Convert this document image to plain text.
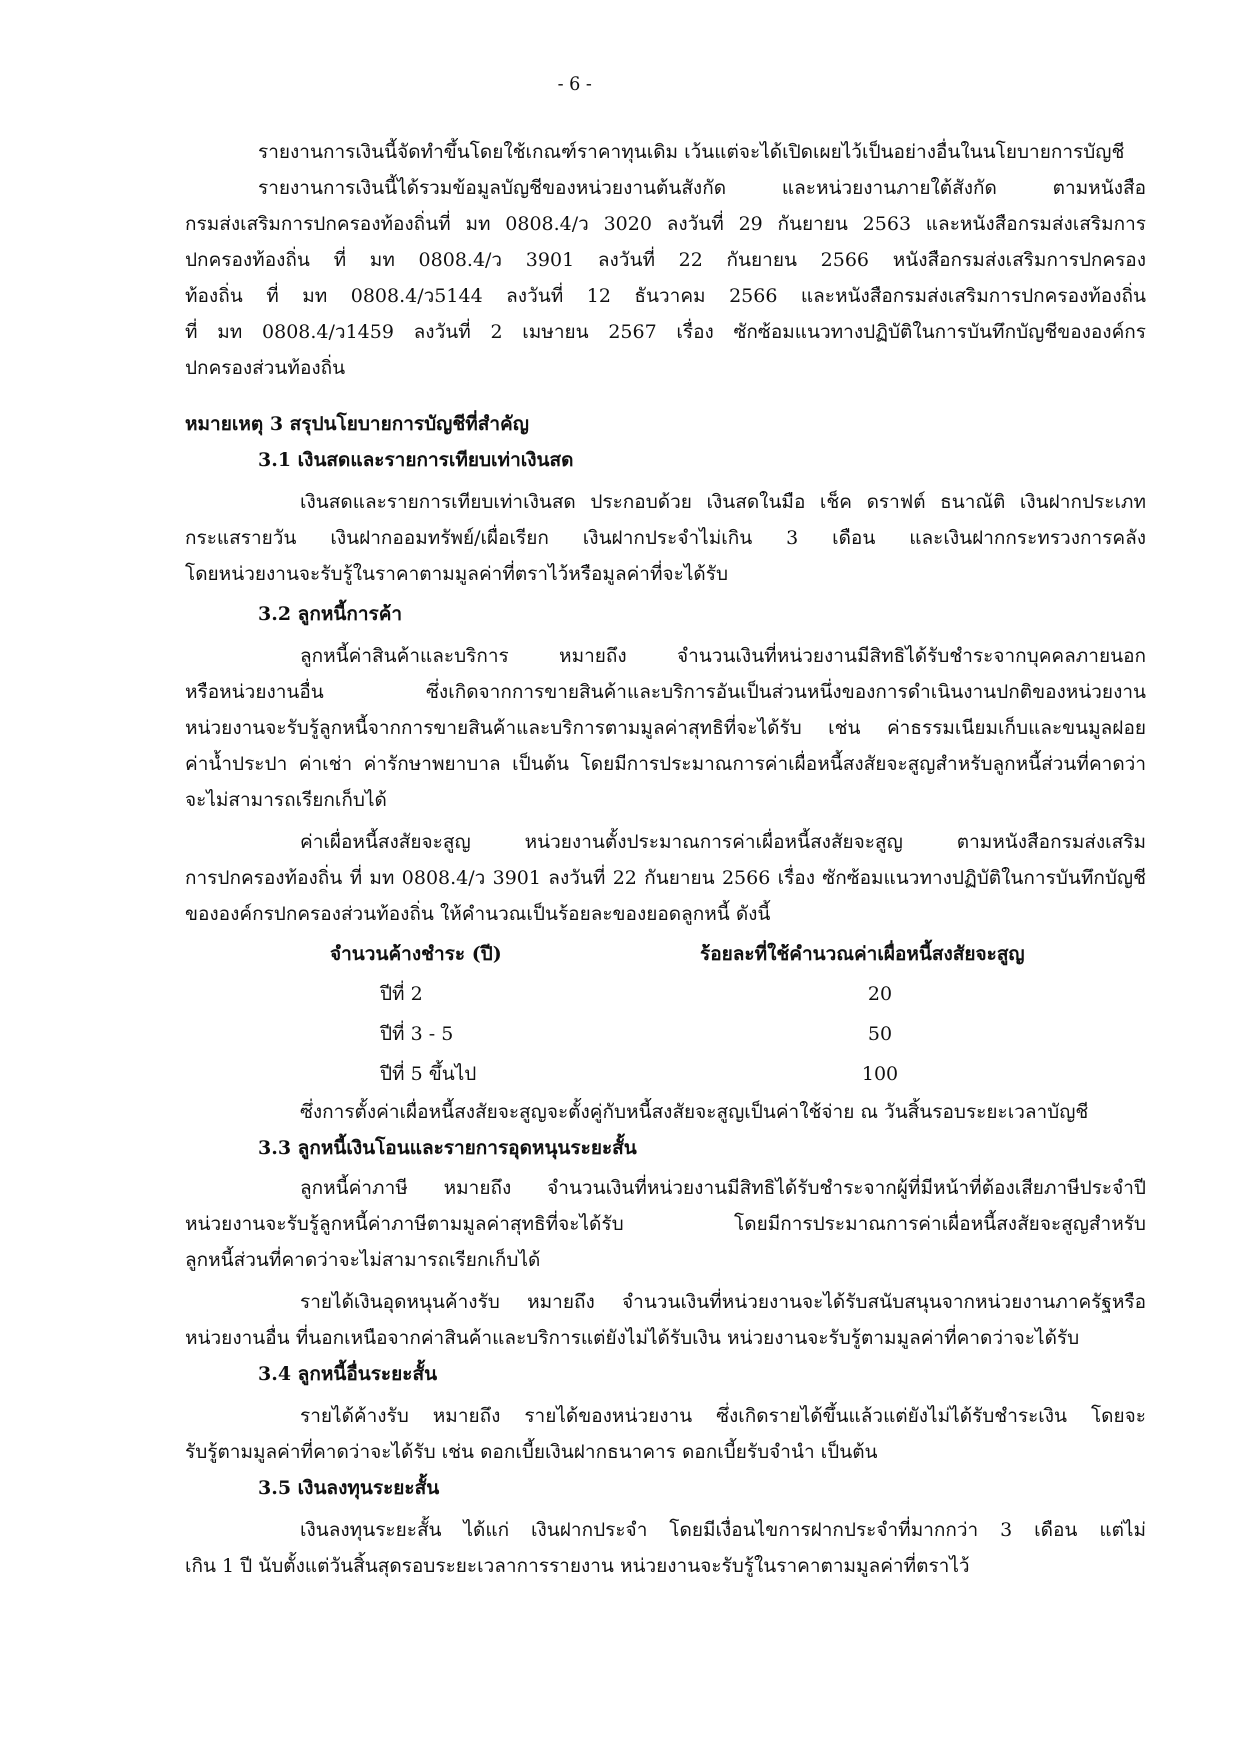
- 6 -
รายงานการเงินนี้จัดทำขึ้นโดยใช้เกณฑ์ราคาทุนเดิม เว้นแต่จะได้เปิดเผยไว้เป็นอย่างอื่นในนโยบายการบัญชี
รายงานการเงินนี้ได้รวมข้อมูลบัญชีของหน่วยงานต้นสังกัด และหน่วยงานภายใต้สังกัด ตามหนังสือ
กรมส่งเสริมการปกครองท้องถิ่นที่ มท 0808.4/ว 3020 ลงวันที่ 29 กันยายน 2563 และหนังสือกรมส่งเสริมการ
ปกครองท้องถิ่น ที่ มท 0808.4/ว 3901 ลงวันที่ 22 กันยายน 2566 หนังสือกรมส่งเสริมการปกครอง
ท้องถิ่น ที่ มท 0808.4/ว5144 ลงวันที่ 12 ธันวาคม 2566 และหนังสือกรมส่งเสริมการปกครองท้องถิ่น
ที่ มท 0808.4/ว1459 ลงวันที่ 2 เมษายน 2567 เรื่อง ซักซ้อมแนวทางปฏิบัติในการบันทึกบัญชีขององค์กร
ปกครองส่วนท้องถิ่น
หมายเหตุ 3 สรุปนโยบายการบัญชีที่สำคัญ
3.1 เงินสดและรายการเทียบเท่าเงินสด
เงินสดและรายการเทียบเท่าเงินสด ประกอบด้วย เงินสดในมือ เช็ค ดราฟต์ ธนาณัติ เงินฝากประเภท
กระแสรายวัน เงินฝากออมทรัพย์/เผื่อเรียก เงินฝากประจำไม่เกิน 3 เดือน และเงินฝากกระทรวงการคลัง
โดยหน่วยงานจะรับรู้ในราคาตามมูลค่าที่ตราไว้หรือมูลค่าที่จะได้รับ
3.2 ลูกหนี้การค้า
ลูกหนี้ค่าสินค้าและบริการ หมายถึง จำนวนเงินที่หน่วยงานมีสิทธิได้รับชำระจากบุคคลภายนอก
หรือหน่วยงานอื่น ซึ่งเกิดจากการขายสินค้าและบริการอันเป็นส่วนหนึ่งของการดำเนินงานปกติของหน่วยงาน
หน่วยงานจะรับรู้ลูกหนี้จากการขายสินค้าและบริการตามมูลค่าสุทธิที่จะได้รับ เช่น ค่าธรรมเนียมเก็บและขนมูลฝอย
ค่าน้ำประปา ค่าเช่า ค่ารักษาพยาบาล เป็นต้น โดยมีการประมาณการค่าเผื่อหนี้สงสัยจะสูญสำหรับลูกหนี้ส่วนที่คาดว่า
จะไม่สามารถเรียกเก็บได้
ค่าเผื่อหนี้สงสัยจะสูญ หน่วยงานตั้งประมาณการค่าเผื่อหนี้สงสัยจะสูญ ตามหนังสือกรมส่งเสริม
การปกครองท้องถิ่น ที่ มท 0808.4/ว 3901 ลงวันที่ 22 กันยายน 2566 เรื่อง ซักซ้อมแนวทางปฏิบัติในการบันทึกบัญชี
ขององค์กรปกครองส่วนท้องถิ่น ให้คำนวณเป็นร้อยละของยอดลูกหนี้ ดังนี้
จำนวนค้างชำระ (ปี)	ร้อยละที่ใช้คำนวณค่าเผื่อหนี้สงสัยจะสูญ
ปีที่ 2	20
ปีที่ 3 - 5	50
ปีที่ 5 ขึ้นไป	100
ซึ่งการตั้งค่าเผื่อหนี้สงสัยจะสูญจะตั้งคู่กับหนี้สงสัยจะสูญเป็นค่าใช้จ่าย ณ วันสิ้นรอบระยะเวลาบัญชี
3.3 ลูกหนี้เงินโอนและรายการอุดหนุนระยะสั้น
ลูกหนี้ค่าภาษี หมายถึง จำนวนเงินที่หน่วยงานมีสิทธิได้รับชำระจากผู้ที่มีหน้าที่ต้องเสียภาษีประจำปี
หน่วยงานจะรับรู้ลูกหนี้ค่าภาษีตามมูลค่าสุทธิที่จะได้รับ โดยมีการประมาณการค่าเผื่อหนี้สงสัยจะสูญสำหรับ
ลูกหนี้ส่วนที่คาดว่าจะไม่สามารถเรียกเก็บได้
รายได้เงินอุดหนุนค้างรับ หมายถึง จำนวนเงินที่หน่วยงานจะได้รับสนับสนุนจากหน่วยงานภาครัฐหรือ
หน่วยงานอื่น ที่นอกเหนือจากค่าสินค้าและบริการแต่ยังไม่ได้รับเงิน หน่วยงานจะรับรู้ตามมูลค่าที่คาดว่าจะได้รับ
3.4 ลูกหนี้อื่นระยะสั้น
รายได้ค้างรับ หมายถึง รายได้ของหน่วยงาน ซึ่งเกิดรายได้ขึ้นแล้วแต่ยังไม่ได้รับชำระเงิน โดยจะ
รับรู้ตามมูลค่าที่คาดว่าจะได้รับ เช่น ดอกเบี้ยเงินฝากธนาคาร ดอกเบี้ยรับจำนำ เป็นต้น
3.5 เงินลงทุนระยะสั้น
เงินลงทุนระยะสั้น ได้แก่ เงินฝากประจำ โดยมีเงื่อนไขการฝากประจำที่มากกว่า 3 เดือน แต่ไม่
เกิน 1 ปี นับตั้งแต่วันสิ้นสุดรอบระยะเวลาการรายงาน หน่วยงานจะรับรู้ในราคาตามมูลค่าที่ตราไว้
